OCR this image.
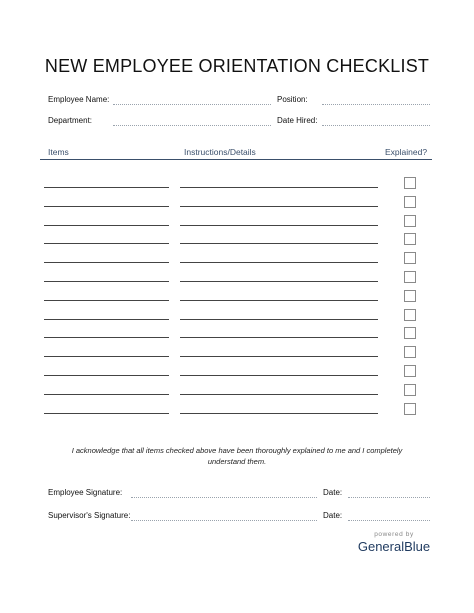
NEW EMPLOYEE ORIENTATION CHECKLIST
Employee Name:	Position:
Department:	Date Hired:
Items	Instructions/Details	Explained?
I acknowledge that all items checked above have been thoroughly explained to me and I completely understand them.
Employee Signature:	Date:
Supervisor's Signature:	Date:
powered by
GeneralBlue
